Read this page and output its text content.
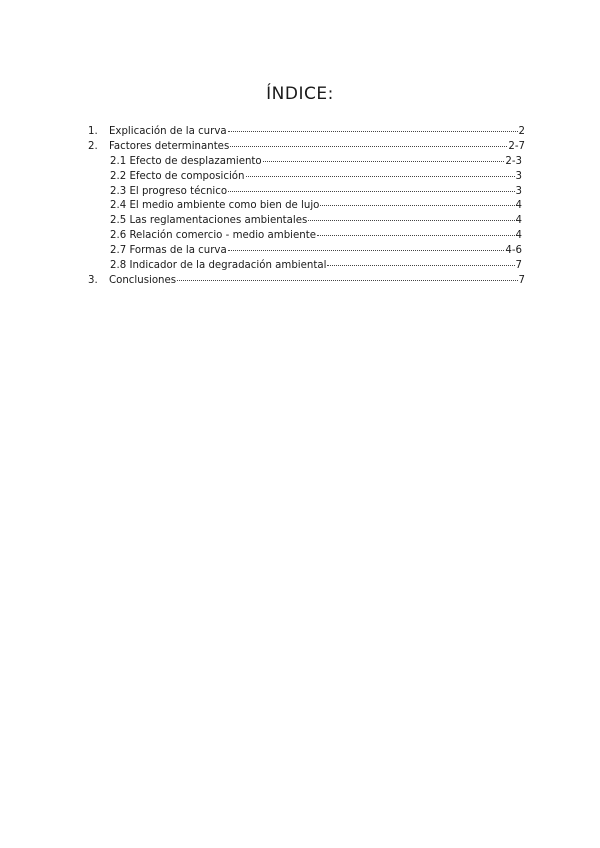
ÍNDICE:
1.	Explicación de la curva	2
2.	Factores determinantes	2-7
2.1 Efecto de desplazamiento	2-3
2.2 Efecto de composición	3
2.3 El progreso técnico	3
2.4 El medio ambiente como bien de lujo	4
2.5 Las reglamentaciones ambientales	4
2.6 Relación comercio - medio ambiente	4
2.7 Formas de la curva	4-6
2.8 Indicador de la degradación ambiental	7
3.	Conclusiones	7
